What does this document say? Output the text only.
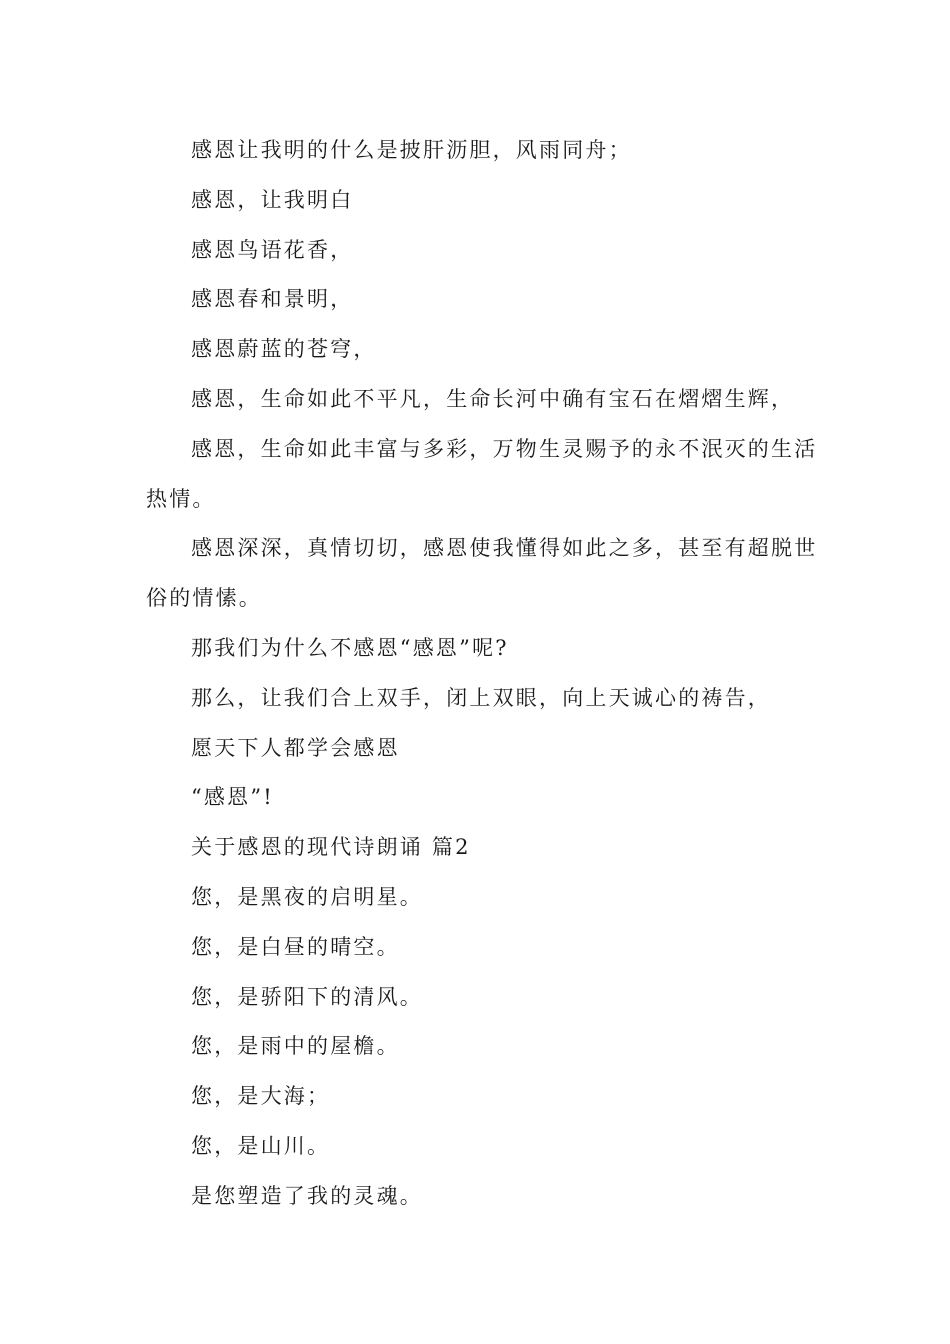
感恩让我明的什么是披肝沥胆，风雨同舟；

感恩，让我明白

感恩鸟语花香，

感恩春和景明，

感恩蔚蓝的苍穹，

感恩，生命如此不平凡，生命长河中确有宝石在熠熠生辉，

感恩，生命如此丰富与多彩，万物生灵赐予的永不泯灭的生活

热情。

感恩深深，真情切切，感恩使我懂得如此之多，甚至有超脱世

俗的情愫。

那我们为什么不感恩“感恩”呢?

那么，让我们合上双手，闭上双眼，向上天诚心的祷告，

愿天下人都学会感恩

“感恩”!

关于感恩的现代诗朗诵 篇2

您，是黑夜的启明星。

您，是白昼的晴空。

您，是骄阳下的清风。

您，是雨中的屋檐。

您，是大海；

您，是山川。

是您塑造了我的灵魂。
